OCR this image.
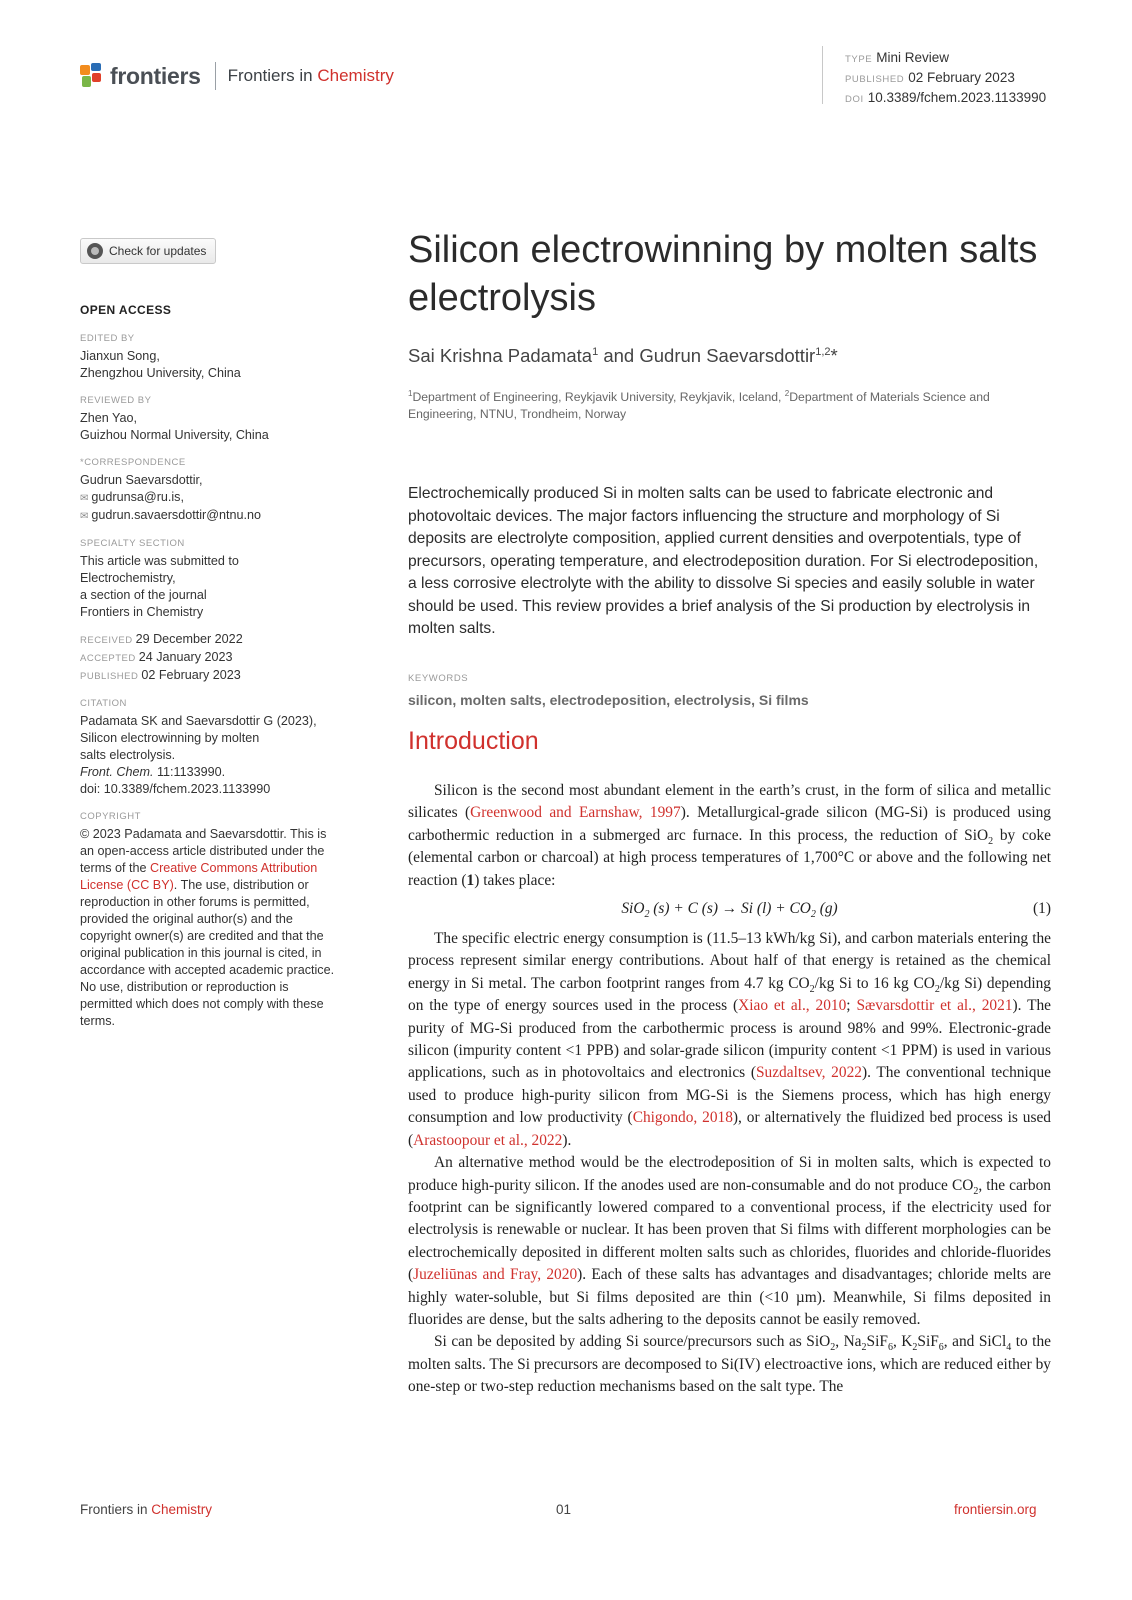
frontiers Frontiers in Chemistry
TYPE Mini Review
PUBLISHED 02 February 2023
DOI 10.3389/fchem.2023.1133990
Check for updates
OPEN ACCESS
EDITED BY
Jianxun Song,
Zhengzhou University, China
REVIEWED BY
Zhen Yao,
Guizhou Normal University, China
*CORRESPONDENCE
Gudrun Saevarsdottir,
✉ gudrunsa@ru.is,
✉ gudrun.savaersdottir@ntnu.no
SPECIALTY SECTION
This article was submitted to
Electrochemistry,
a section of the journal
Frontiers in Chemistry
RECEIVED 29 December 2022
ACCEPTED 24 January 2023
PUBLISHED 02 February 2023
CITATION
Padamata SK and Saevarsdottir G (2023),
Silicon electrowinning by molten
salts electrolysis.
Front. Chem. 11:1133990.
doi: 10.3389/fchem.2023.1133990
COPYRIGHT
© 2023 Padamata and Saevarsdottir. This is an open-access article distributed under the terms of the Creative Commons Attribution License (CC BY). The use, distribution or reproduction in other forums is permitted, provided the original author(s) and the copyright owner(s) are credited and that the original publication in this journal is cited, in accordance with accepted academic practice. No use, distribution or reproduction is permitted which does not comply with these terms.
Silicon electrowinning by molten salts electrolysis
Sai Krishna Padamata$^1$ and Gudrun Saevarsdottir$^{1,2}$*
$^1$Department of Engineering, Reykjavik University, Reykjavik, Iceland, $^2$Department of Materials Science and Engineering, NTNU, Trondheim, Norway
Electrochemically produced Si in molten salts can be used to fabricate electronic and photovoltaic devices. The major factors influencing the structure and morphology of Si deposits are electrolyte composition, applied current densities and overpotentials, type of precursors, operating temperature, and electrodeposition duration. For Si electrodeposition, a less corrosive electrolyte with the ability to dissolve Si species and easily soluble in water should be used. This review provides a brief analysis of the Si production by electrolysis in molten salts.
KEYWORDS
silicon, molten salts, electrodeposition, electrolysis, Si films
Introduction

Silicon is the second most abundant element in the earth’s crust, in the form of silica and metallic silicates (Greenwood and Earnshaw, 1997). Metallurgical-grade silicon (MG-Si) is produced using carbothermic reduction in a submerged arc furnace. In this process, the reduction of SiO$_2$ by coke (elemental carbon or charcoal) at high process temperatures of 1,700°C or above and the following net reaction (1) takes place:

SiO$_2$ (s) + C (s) → Si $(l) + CO_2$ (g)	(1)

The specific electric energy consumption is (11.5–13 kWh/kg Si), and carbon materials entering the process represent similar energy contributions. About half of that energy is retained as the chemical energy in Si metal. The carbon footprint ranges from 4.7 kg $CO_2/kg$ Si to 16 kg $CO_2/kg$ Si) depending on the type of energy sources used in the process (Xiao et al., 2010; Sævarsdottir et al., 2021). The purity of MG-Si produced from the carbothermic process is around 98% and 99%. Electronic-grade silicon (impurity content <1 PPB) and solar-grade silicon (impurity content <1 PPM) is used in various applications, such as in photovoltaics and electronics (Suzdaltsev, 2022). The conventional technique used to produce high-purity silicon from MG-Si is the Siemens process, which has high energy consumption and low productivity (Chigondo, 2018), or alternatively the fluidized bed process is used (Arastoopour et al., 2022).

An alternative method would be the electrodeposition of Si in molten salts, which is expected to produce high-purity silicon. If the anodes used are non-consumable and do not produce $CO_2$, the carbon footprint can be significantly lowered compared to a conventional process, if the electricity used for electrolysis is renewable or nuclear. It has been proven that Si films with different morphologies can be electrochemically deposited in different molten salts such as chlorides, fluorides and chloride-fluorides (Juzeliūnas and Fray, 2020). Each of these salts has advantages and disadvantages; chloride melts are highly water-soluble, but Si films deposited are thin (<10 µm). Meanwhile, Si films deposited in fluorides are dense, but the salts adhering to the deposits cannot be easily removed.

Si can be deposited by adding Si source/precursors such as SiO$_2$, $Na_2SiF_6$, $K_2SiF_6$, and SiCl$_4$ to the molten salts. The Si precursors are decomposed to Si(IV) electroactive ions, which are reduced either by one-step or two-step reduction mechanisms based on the salt type. The

Frontiers in Chemistry	01	frontiersin.org
